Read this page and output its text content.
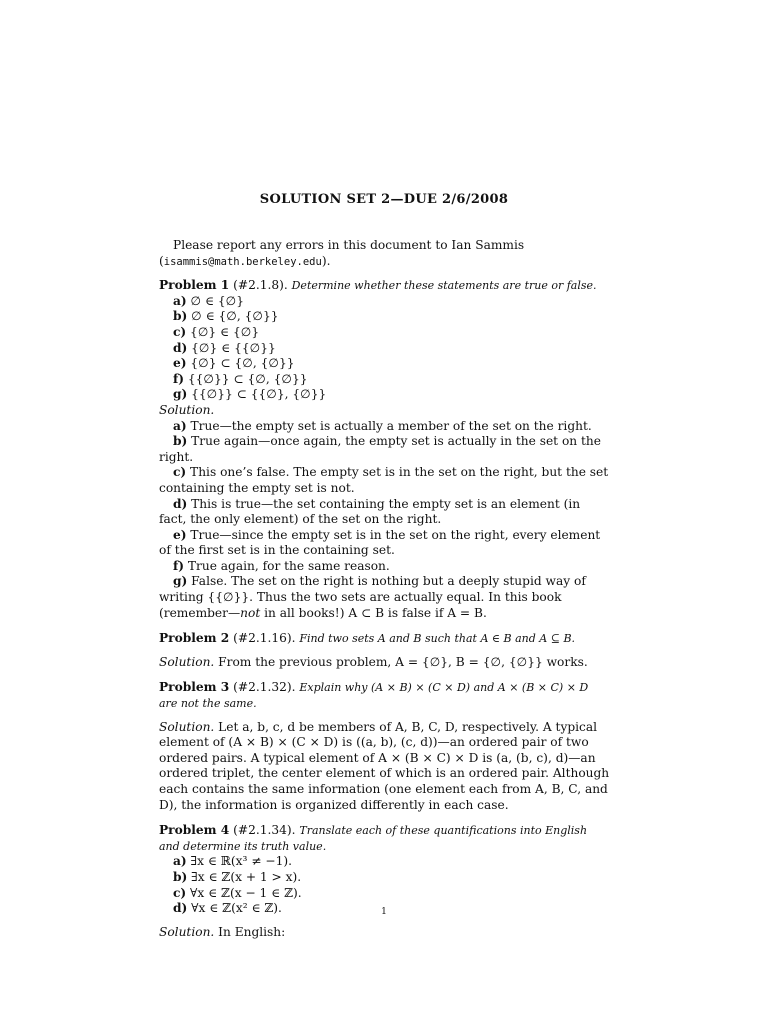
SOLUTION SET 2—DUE 2/6/2008

Please report any errors in this document to Ian Sammis (isammis@math.berkeley.edu).

Problem 1 (#2.1.8). Determine whether these statements are true or false.

a) ∅ ∈ {∅}

b) ∅ ∈ {∅, {∅}}

c) {∅} ∈ {∅}

d) {∅} ∈ {{∅}}

e) {∅} ⊂ {∅, {∅}}

f) {{∅}} ⊂ {∅, {∅}}

g) {{∅}} ⊂ {{∅}, {∅}}

Solution.

a) True—the empty set is actually a member of the set on the right.

b) True again—once again, the empty set is actually in the set on the right.

c) This one’s false. The empty set is in the set on the right, but the set containing the empty set is not.

d) This is true—the set containing the empty set is an element (in fact, the only element) of the set on the right.

e) True—since the empty set is in the set on the right, every element of the first set is in the containing set.

f) True again, for the same reason.

g) False. The set on the right is nothing but a deeply stupid way of writing {{∅}}. Thus the two sets are actually equal. In this book (remember—not in all books!) A ⊂ B is false if A = B.

Problem 2 (#2.1.16). Find two sets A and B such that A ∈ B and A ⊆ B.

Solution. From the previous problem, A = {∅}, B = {∅, {∅}} works.

Problem 3 (#2.1.32). Explain why (A × B) × (C × D) and A × (B × C) × D are not the same.

Solution. Let a, b, c, d be members of A, B, C, D, respectively. A typical element of (A × B) × (C × D) is ((a, b), (c, d))—an ordered pair of two ordered pairs. A typical element of A × (B × C) × D is (a, (b, c), d)—an ordered triplet, the center element of which is an ordered pair. Although each contains the same information (one element each from A, B, C, and D), the information is organized differently in each case.

Problem 4 (#2.1.34). Translate each of these quantifications into English and determine its truth value.

a) ∃x ∈ ℝ(x³ ≠ −1).

b) ∃x ∈ ℤ(x + 1 > x).

c) ∀x ∈ ℤ(x − 1 ∈ ℤ).

d) ∀x ∈ ℤ(x² ∈ ℤ).

Solution. In English:

1
